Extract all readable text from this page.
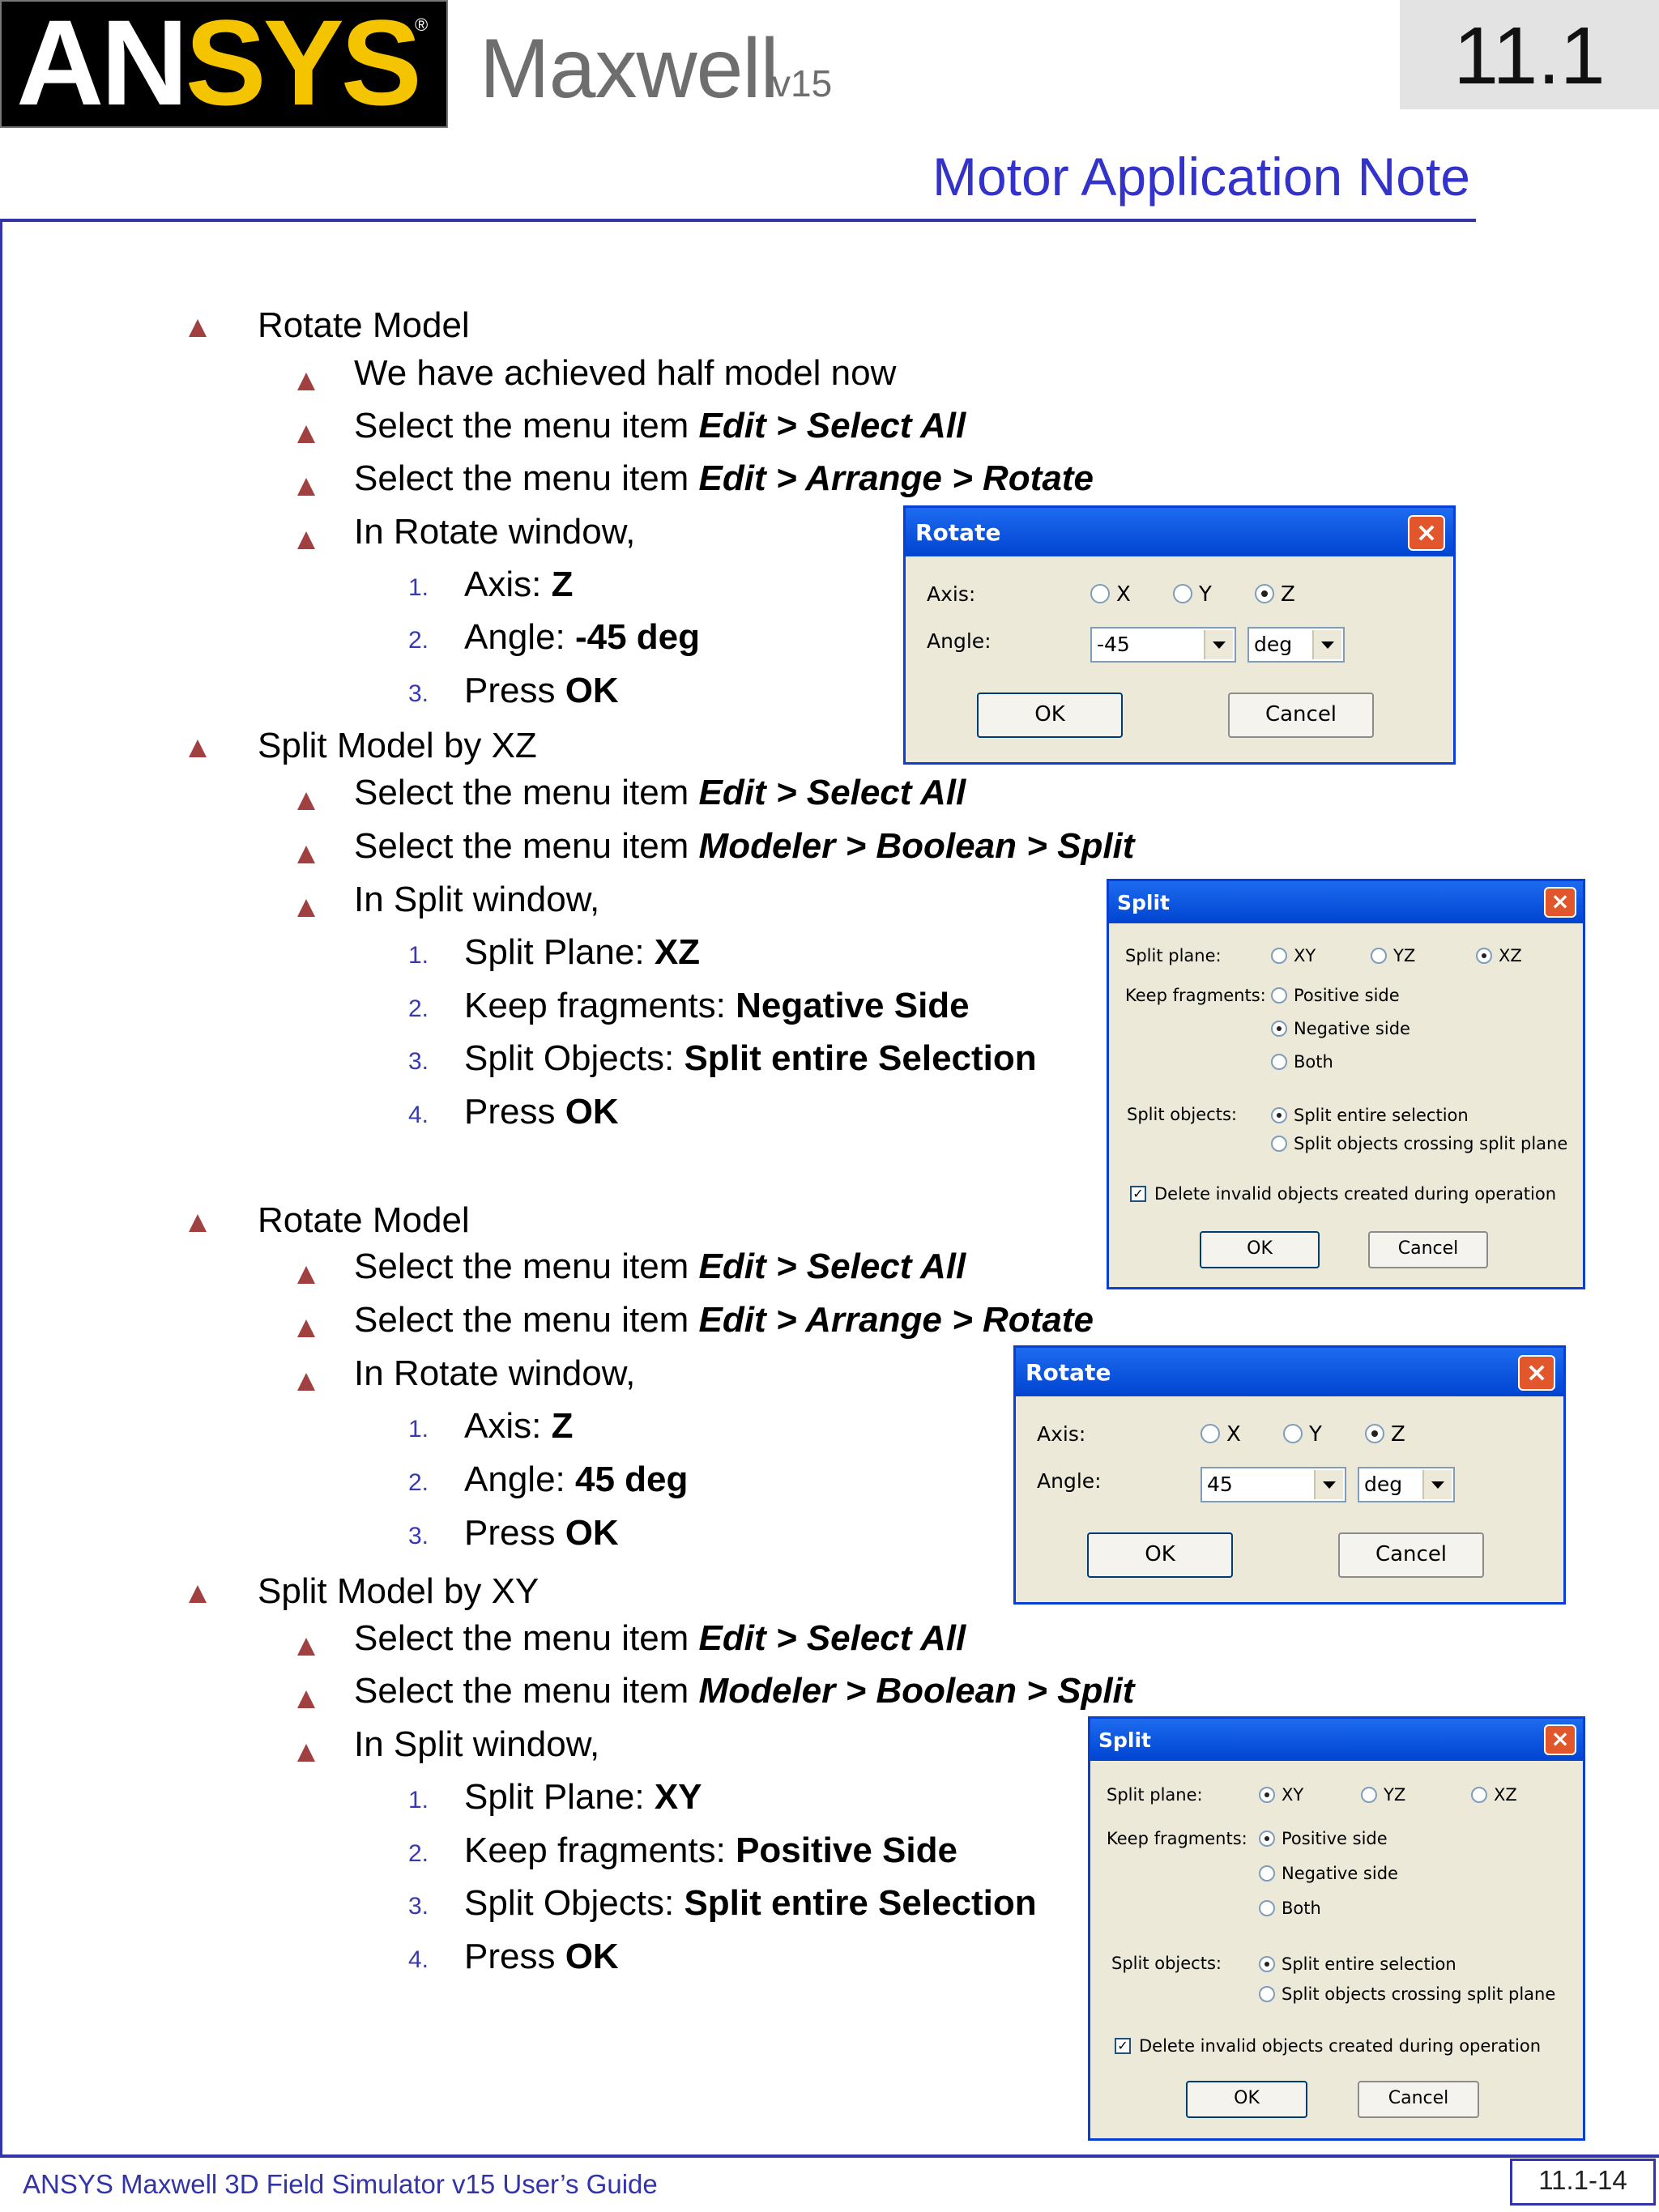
ANSYS
® Maxwell
v15	11.1
Motor Application Note
Rotate Model
We have achieved half model now
Select the menu item Edit > Select All
Select the menu item Edit > Arrange > Rotate
In Rotate window,
1. Axis: Z
2. Angle: -45 deg
3. Press OK
Rotate	×
Axis:	X	Y	Z
Angle:	-45	deg
OK	Cancel
Split Model by XZ
Select the menu item Edit > Select All
Select the menu item Modeler > Boolean > Split
In Split window,
1. Split Plane: XZ
2. Keep fragments: Negative Side
3. Split Objects: Split entire Selection
4. Press OK
Split	×
Split plane:	XY	YZ	XZ
Keep fragments: Positive side
Negative side
Both
Split objects:	Split entire selection
Split objects crossing split plane
✓ Delete invalid objects created during operation
OK	Cancel
Rotate Model
Select the menu item Edit > Select All
Select the menu item Edit > Arrange > Rotate
In Rotate window,
1. Axis: Z
2. Angle: 45 deg
3. Press OK
Rotate	×
Axis:	X	Y	Z
Angle:	45	deg
OK	Cancel
Split Model by XY
Select the menu item Edit > Select All
Select the menu item Modeler > Boolean > Split
In Split window,
1. Split Plane: XY
2. Keep fragments: Positive Side
3. Split Objects: Split entire Selection
4. Press OK
Split	×
Split plane:	XY	YZ	XZ
Keep fragments: Positive side
Negative side
Both
Split objects:	Split entire selection
Split objects crossing split plane
✓ Delete invalid objects created during operation
OK	Cancel
ANSYS Maxwell 3D Field Simulator v15 User’s Guide	11.1-14
